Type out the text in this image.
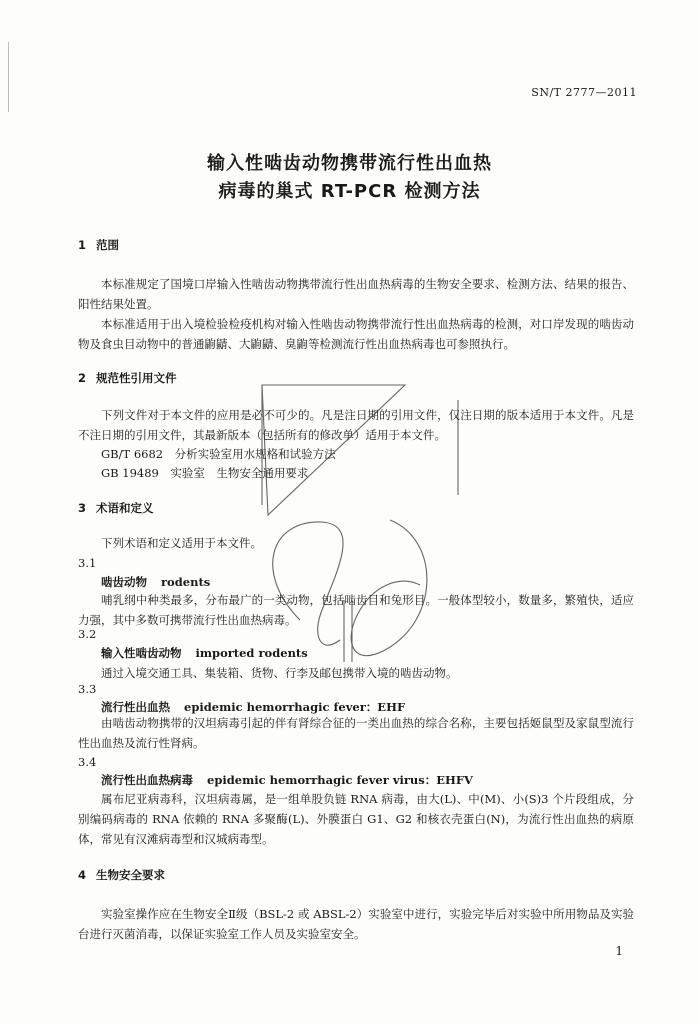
SN/T 2777—2011
输入性啮齿动物携带流行性出血热
病毒的巢式 RT-PCR 检测方法
1 范围
本标准规定了国境口岸输入性啮齿动物携带流行性出血热病毒的生物安全要求、检测方法、结果的报告、阳性结果处置。
本标准适用于出入境检验检疫机构对输入性啮齿动物携带流行性出血热病毒的检测，对口岸发现的啮齿动物及食虫目动物中的普通鼩鼱、大鼩鼱、臭鼩等检测流行性出血热病毒也可参照执行。
2 规范性引用文件
下列文件对于本文件的应用是必不可少的。凡是注日期的引用文件，仅注日期的版本适用于本文件。凡是不注日期的引用文件，其最新版本（包括所有的修改单）适用于本文件。
GB/T 6682　分析实验室用水规格和试验方法
GB 19489　实验室　生物安全通用要求
3 术语和定义
下列术语和定义适用于本文件。
3.1
啮齿动物 rodents
哺乳纲中种类最多，分布最广的一类动物，包括啮齿目和兔形目。一般体型较小，数量多，繁殖快，适应力强，其中多数可携带流行性出血热病毒。
3.2
输入性啮齿动物 imported rodents
通过入境交通工具、集装箱、货物、行李及邮包携带入境的啮齿动物。
3.3
流行性出血热 epidemic hemorrhagic fever：EHF
由啮齿动物携带的汉坦病毒引起的伴有肾综合征的一类出血热的综合名称，主要包括姬鼠型及家鼠型流行性出血热及流行性肾病。
3.4
流行性出血热病毒 epidemic hemorrhagic fever virus：EHFV
属布尼亚病毒科，汉坦病毒属，是一组单股负链 RNA 病毒，由大(L)、中(M)、小(S)3 个片段组成，分别编码病毒的 RNA 依赖的 RNA 多聚酶(L)、外膜蛋白 G1、G2 和核衣壳蛋白(N)，为流行性出血热的病原体，常见有汉滩病毒型和汉城病毒型。
4 生物安全要求
实验室操作应在生物安全Ⅱ级（BSL-2 或 ABSL-2）实验室中进行，实验完毕后对实验中所用物品及实验台进行灭菌消毒，以保证实验室工作人员及实验室安全。
1
